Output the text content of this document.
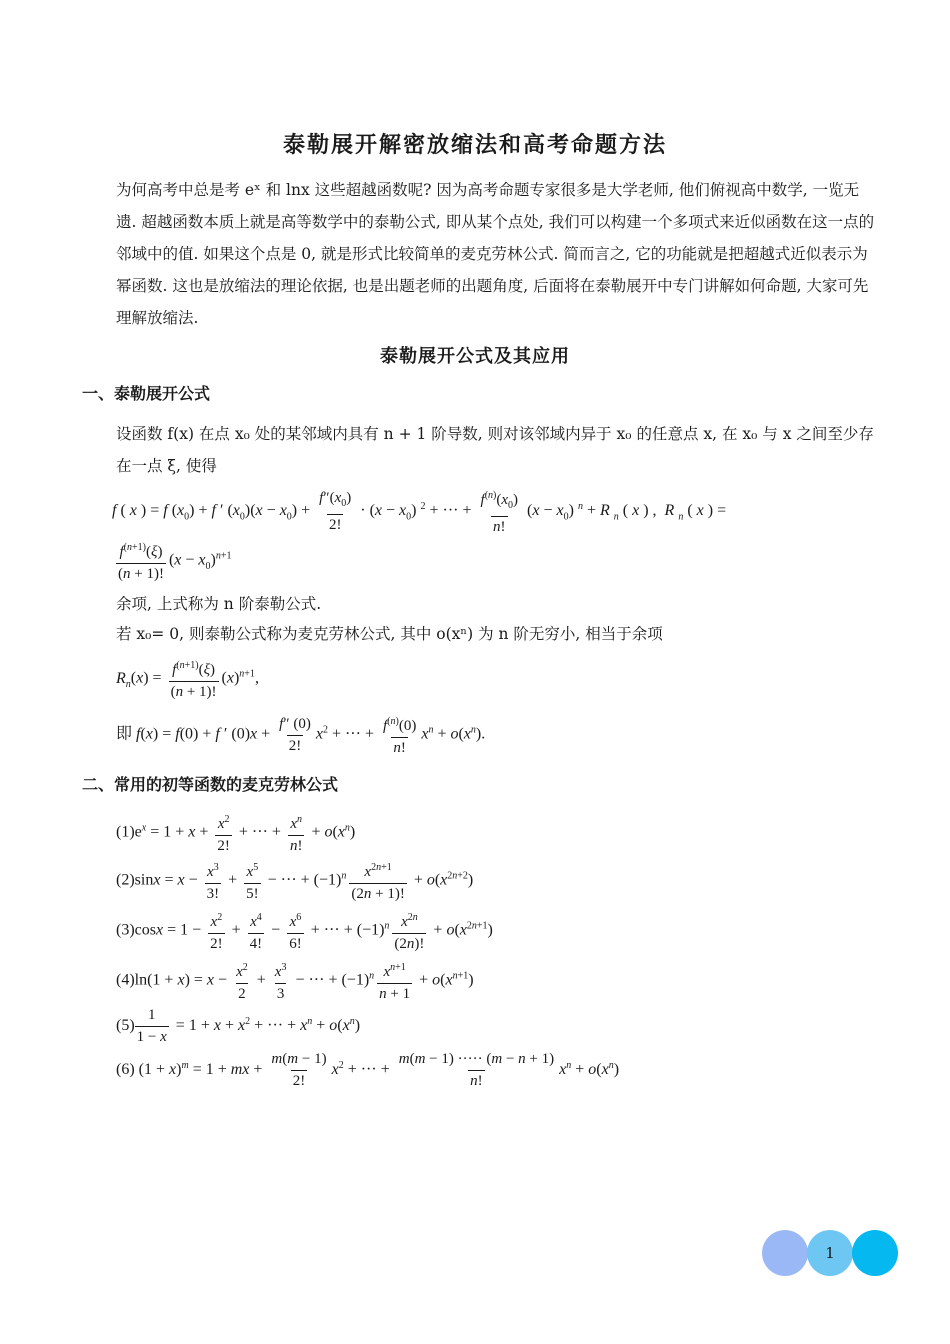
泰勒展开解密放缩法和高考命题方法
为何高考中总是考 eˣ 和 lnx 这些超越函数呢? 因为高考命题专家很多是大学老师, 他们俯视高中数学, 一览无遗. 超越函数本质上就是高等数学中的泰勒公式, 即从某个点处, 我们可以构建一个多项式来近似函数在这一点的邻域中的值. 如果这个点是 0, 就是形式比较简单的麦克劳林公式. 简而言之, 它的功能就是把超越式近似表示为幂函数. 这也是放缩法的理论依据, 也是出题老师的出题角度, 后面将在泰勒展开中专门讲解如何命题, 大家可先理解放缩法.
泰勒展开公式及其应用
一、泰勒展开公式
设函数 f(x) 在点 x₀ 处的某邻域内具有 n + 1 阶导数, 则对该邻域内异于 x₀ 的任意点 x, 在 x₀ 与 x 之间至少存在一点 ξ, 使得
f ( x ) = f $(x_0) + f$ ′ $(x_0)(x - x_0) + \frac{f''(x_0)}{2!} \cdot (x - x_0) ^2$ + ··· + $\frac{f^{(n)}(x_0)}{n!} (x - x_0) ^n + R$ $_n$ ( x ) ,  R $_n$ ( x ) =
$\frac{f^{(n+1)}(\xi)}{(n + 1)!} (x - x_0)^{n+1}$
余项, 上式称为 n 阶泰勒公式.
若 x₀= 0, 则泰勒公式称为麦克劳林公式, 其中 o(xⁿ) 为 n 阶无穷小, 相当于余项
$R_n(x) = \frac{f^{(n+1)}(\xi)}{(n + 1)!} (x)^{n+1}$,
即 f(x) = f(0) + f ′ $(0)x + \frac{f'' (0)}{2!} x^2$ + ··· + $\frac{f^{(n)}(0)}{n!} x^n + o(x^n)$.
二、常用的初等函数的麦克劳林公式
$(1)e^x = 1 + x + \frac{x^2}{2!}$ + ··· + $\frac{x^n}{n!} + o(x^n)$
$(2)\sin x = x - \frac{x^3}{3!} + \frac{x^5}{5!}$ − ··· + $(-1)^n \frac{x^{2n+1}}{(2n + 1)!} + o(x^{2n+2})$
$(3)\cos x = 1 - \frac{x^2}{2!} + \frac{x^4}{4!} - \frac{x^6}{6!}$ + ··· + $(-1)^n \frac{x^{2n}}{(2n)!} + o(x^{2n+1})$
$(4)\ln(1 + x) = x - \frac{x^2}{2} + \frac{x^3}{3}$ − ··· + $(-1)^n \frac{x^{n+1}}{n + 1} + o(x^{n+1})$
$(5) \frac{1}{1 - x} = 1 + x + x^2$ + ··· + $x^n + o(x^n)$
(6) $(1 + x)^m = 1$ + mx + $\frac{m(m - 1)}{2!} x^2$ + ··· + $\frac{m(m - 1) \cdot\cdot\cdot\cdot\cdot (m - n + 1)}{n!} x^n + o(x^n)$
1
